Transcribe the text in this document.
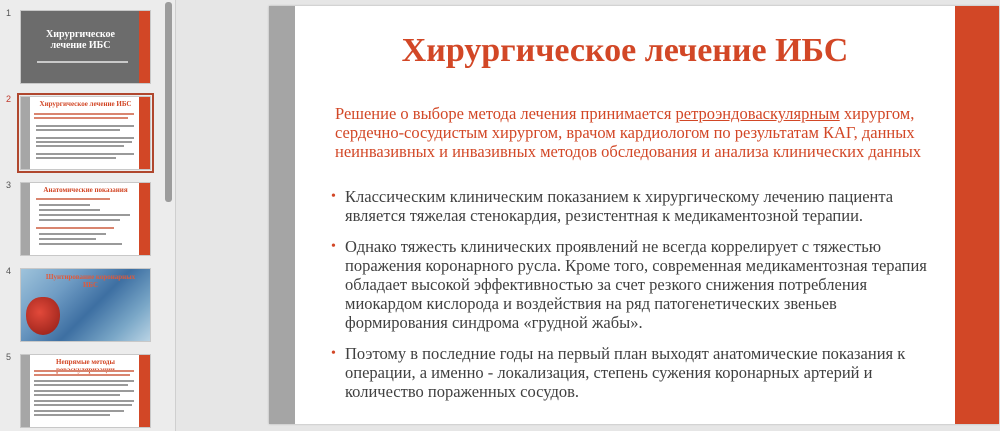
1
Хирургическое лечение ИБС
2	Хирургическое лечение ИБС
3	Анатомические показания
4
Шунтирование коронарных ИБС
5	Непрямые методы
Хирургическое лечение ИБС
Решение о выборе метода лечения принимается ретроэндоваскулярным хирургом, сердечно-сосудистым хирургом, врачом кардиологом по результатам КАГ, данных неинвазивных и инвазивных методов обследования и анализа клинических данных
• Классическим клиническим показанием к хирургическому лечению пациента является тяжелая стенокардия, резистентная к медикаментозной терапии.
• Однако тяжесть клинических проявлений не всегда коррелирует с тяжестью поражения коронарного русла. Кроме того, современная медикаментозная терапия обладает высокой эффективностью за счет резкого снижения потребления миокардом кислорода и воздействия на ряд патогенетических звеньев формирования синдрома «грудной жабы».
• Поэтому в последние годы на первый план выходят анатомические показания к операции, а именно - локализация, степень сужения коронарных артерий и количество пораженных сосудов.
